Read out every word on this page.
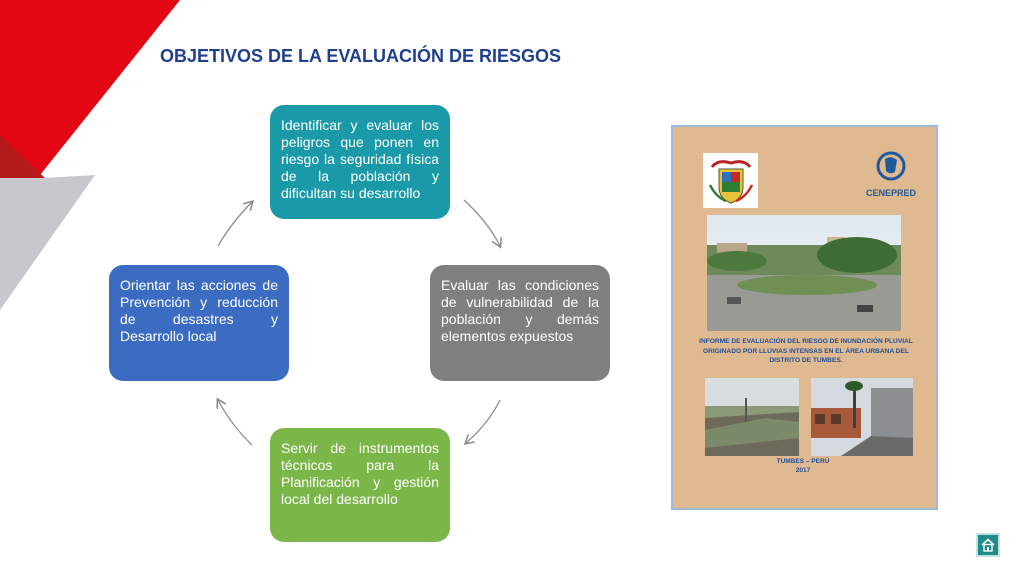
OBJETIVOS DE LA EVALUACIÓN DE RIESGOS
Identificar y evaluar los peligros que ponen en riesgo la seguridad física de la población y dificultan su desarrollo
Evaluar las condiciones de vulnerabilidad de la población y demás elementos expuestos
Servir de instrumentos técnicos para la Planificación y gestión local del desarrollo
Orientar las acciones de Prevención y reducción de desastres y Desarrollo local
CENEPRED
INFORME DE EVALUACIÓN DEL RIESGO DE INUNDACIÓN PLUVIAL ORIGINADO POR LLUVIAS INTENSAS EN EL ÁREA URBANA DEL DISTRITO DE TUMBES.
TUMBES – PERÚ
2017
